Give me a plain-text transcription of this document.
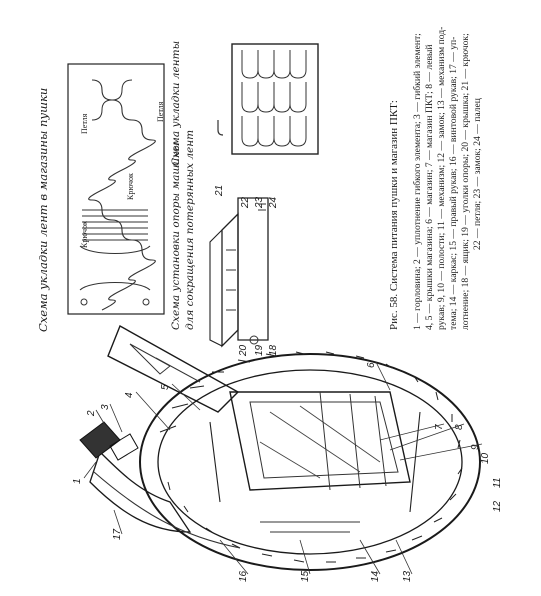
Схема укладки лент в магазины пушки	Схема установки опоры машины для сокращения потерянных лент
Схема укладки ленты
Крючок
Петля
Крючок
Петля
21
22 23 24
20 19 18
1
2
3
4
5
6
7 8
9
10
11
12
13
14
15
16
17
Рис. 58. Система питания пушки и магазин ПКТ: 1 — горловина; 2 — уплотнение гибкого элемента; 3 — гибкий элемент; 4, 5 — крышки магазина; 6 — магазин; 7 — магазин ПКТ; 8 — левый рукав; 9, 10 — полости; 11 — механизм; 12 — замок; 13 — механизм под- тема; 14 — каркас; 15 — правый рукав; 16 — винтовой рукав; 17 — уп- лотнение; 18 — ящик; 19 — уголки опоры; 20 — крышка; 21 — крючок; 22 — петля; 23 — замок; 24 — палец
